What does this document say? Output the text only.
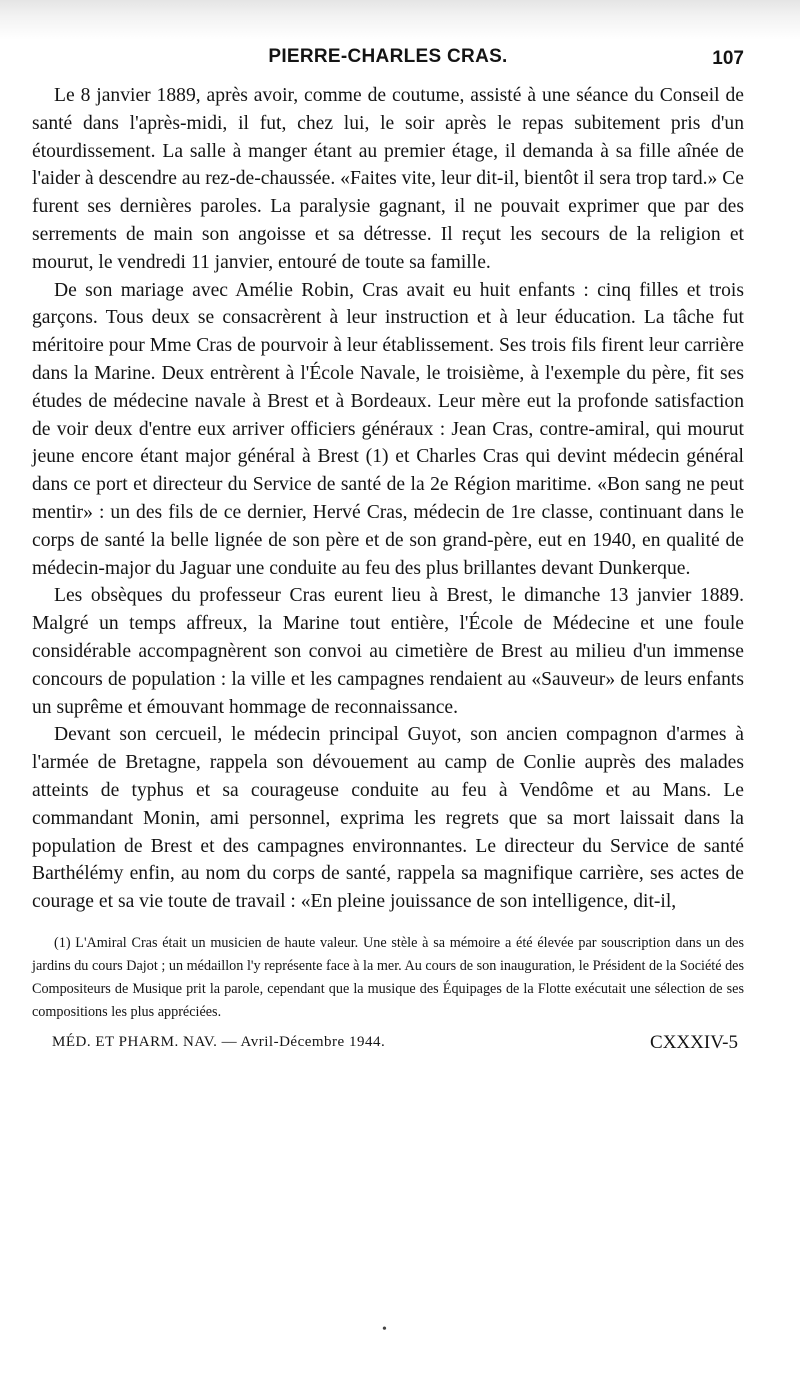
PIERRE-CHARLES CRAS.	107

Le 8 janvier 1889, après avoir, comme de coutume, assisté à une séance du Conseil de santé dans l'après-midi, il fut, chez lui, le soir après le repas subitement pris d'un étourdissement. La salle à manger étant au premier étage, il demanda à sa fille aînée de l'aider à descendre au rez-de-chaussée. «Faites vite, leur dit-il, bientôt il sera trop tard.» Ce furent ses dernières paroles. La paralysie gagnant, il ne pouvait exprimer que par des serrements de main son angoisse et sa détresse. Il reçut les secours de la religion et mourut, le vendredi 11 janvier, entouré de toute sa famille.

De son mariage avec Amélie Robin, Cras avait eu huit enfants : cinq filles et trois garçons. Tous deux se consacrèrent à leur instruction et à leur éducation. La tâche fut méritoire pour Mme Cras de pourvoir à leur établissement. Ses trois fils firent leur carrière dans la Marine. Deux entrèrent à l'École Navale, le troisième, à l'exemple du père, fit ses études de médecine navale à Brest et à Bordeaux. Leur mère eut la profonde satisfaction de voir deux d'entre eux arriver officiers généraux : Jean Cras, contre-amiral, qui mourut jeune encore étant major général à Brest (1) et Charles Cras qui devint médecin général dans ce port et directeur du Service de santé de la 2e Région maritime. «Bon sang ne peut mentir» : un des fils de ce dernier, Hervé Cras, médecin de 1re classe, continuant dans le corps de santé la belle lignée de son père et de son grand-père, eut en 1940, en qualité de médecin-major du Jaguar une conduite au feu des plus brillantes devant Dunkerque.

Les obsèques du professeur Cras eurent lieu à Brest, le dimanche 13 janvier 1889. Malgré un temps affreux, la Marine tout entière, l'École de Médecine et une foule considérable accompagnèrent son convoi au cimetière de Brest au milieu d'un immense concours de population : la ville et les campagnes rendaient au «Sauveur» de leurs enfants un suprême et émouvant hommage de reconnaissance.

Devant son cercueil, le médecin principal Guyot, son ancien compagnon d'armes à l'armée de Bretagne, rappela son dévouement au camp de Conlie auprès des malades atteints de typhus et sa courageuse conduite au feu à Vendôme et au Mans. Le commandant Monin, ami personnel, exprima les regrets que sa mort laissait dans la population de Brest et des campagnes environnantes. Le directeur du Service de santé Barthélémy enfin, au nom du corps de santé, rappela sa magnifique carrière, ses actes de courage et sa vie toute de travail : «En pleine jouissance de son intelligence, dit-il,

(1) L'Amiral Cras était un musicien de haute valeur. Une stèle à sa mémoire a été élevée par souscription dans un des jardins du cours Dajot ; un médaillon l'y représente face à la mer. Au cours de son inauguration, le Président de la Société des Compositeurs de Musique prit la parole, cependant que la musique des Équipages de la Flotte exécutait une sélection de ses compositions les plus appréciées.
MÉD. ET PHARM. NAV. — Avril-Décembre 1944.	CXXXIV-5
•
